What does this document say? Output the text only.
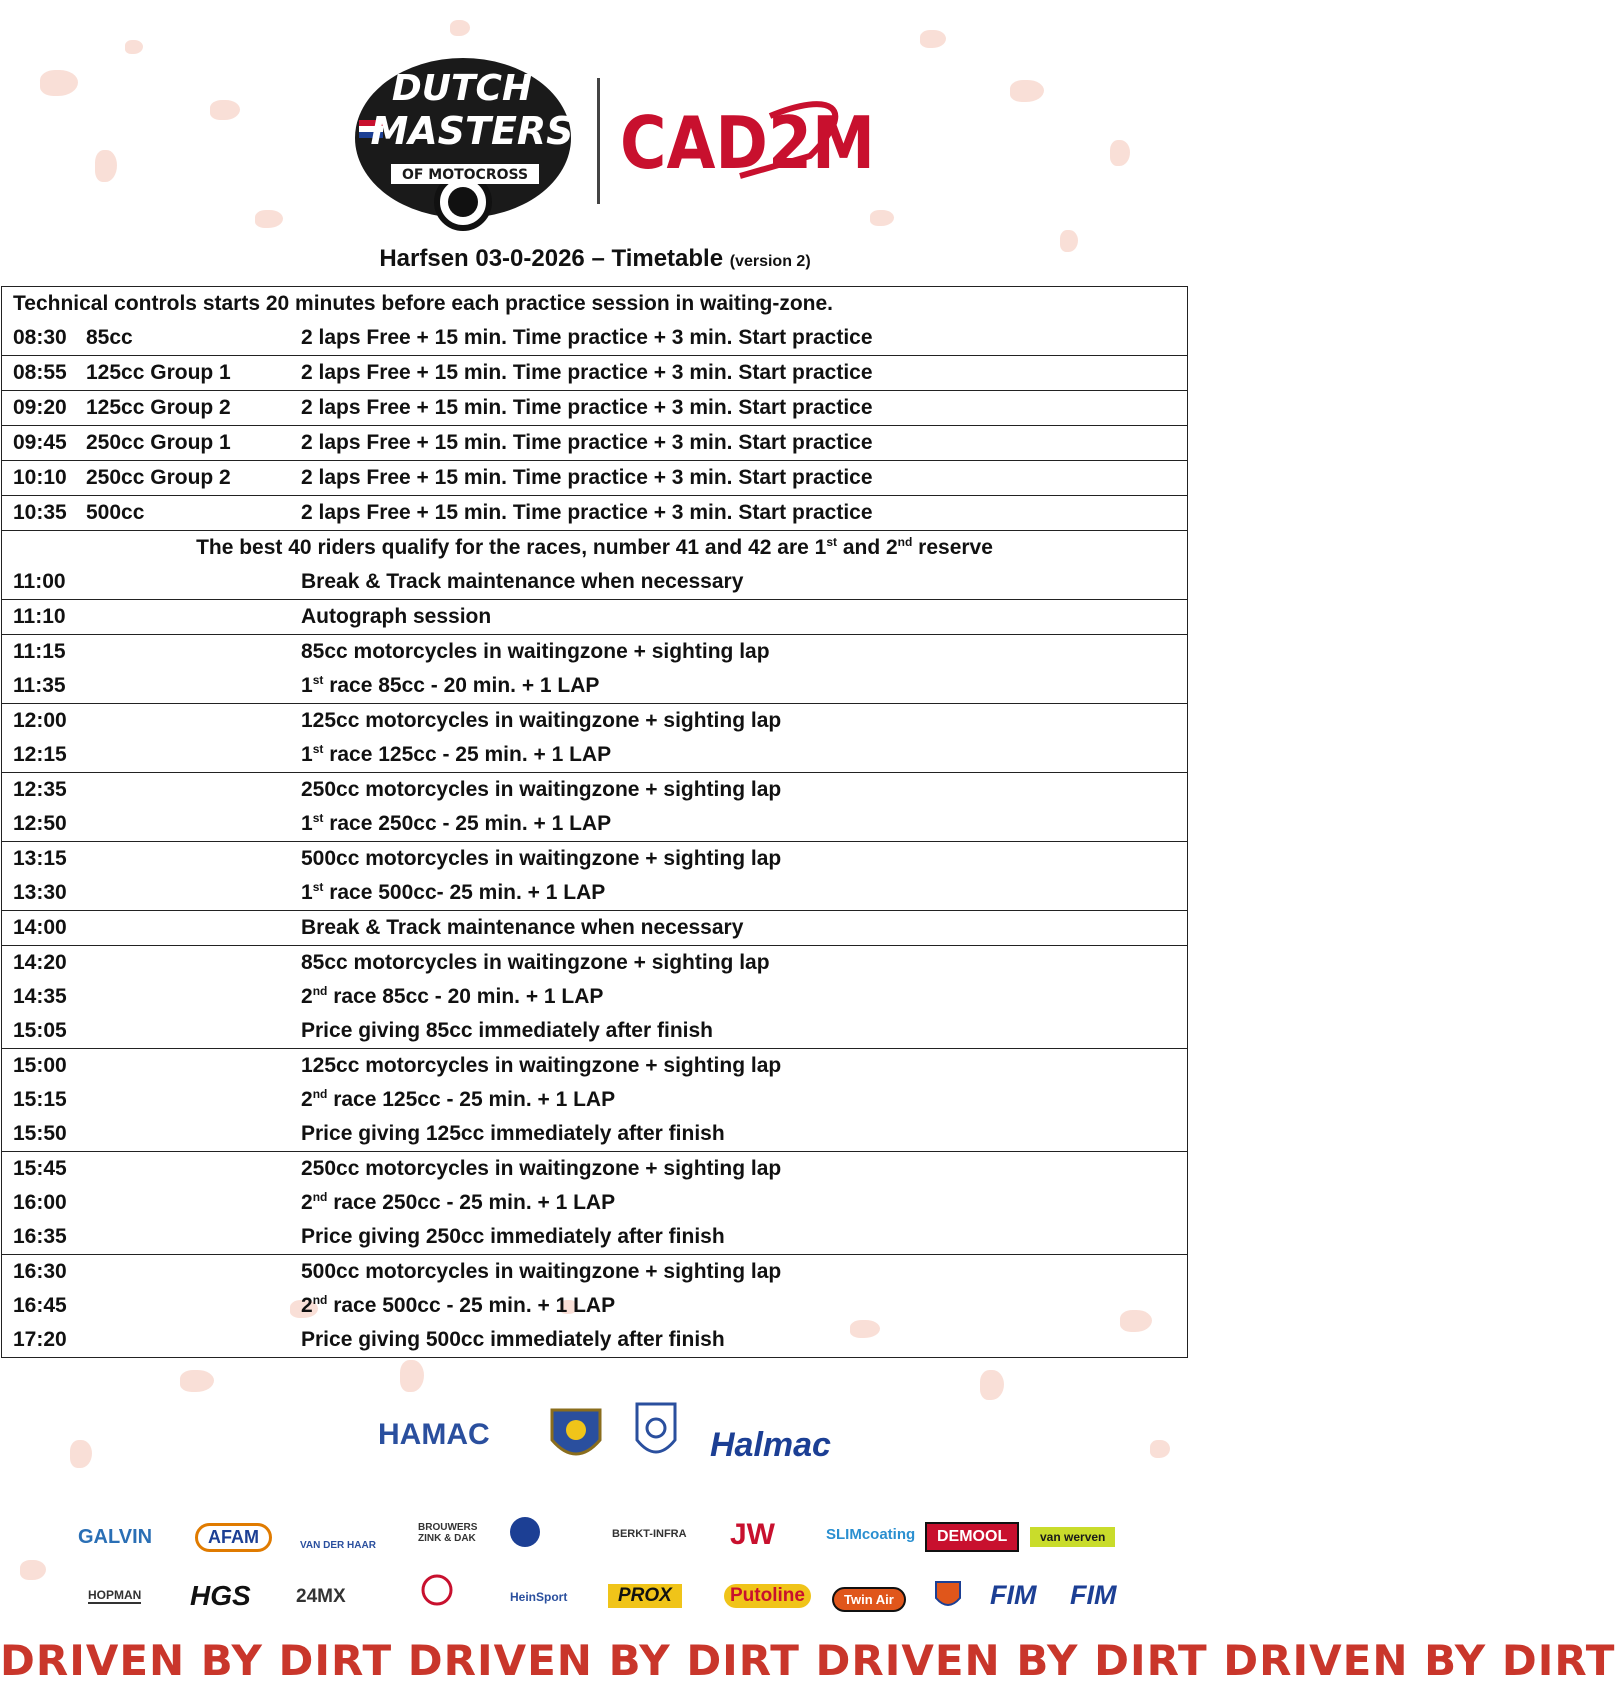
DUTCH
MASTERS
OF MOTOCROSS CAD2M
Harfsen 03-0-2026 – Timetable (version 2)
Technical controls starts 20 minutes before each practice session in waiting-zone.
08:30 85cc	2 laps Free + 15 min. Time practice + 3 min. Start practice
08:55 125cc Group 1	2 laps Free + 15 min. Time practice + 3 min. Start practice
09:20 125cc Group 2	2 laps Free + 15 min. Time practice + 3 min. Start practice
09:45 250cc Group 1	2 laps Free + 15 min. Time practice + 3 min. Start practice
10:10 250cc Group 2	2 laps Free + 15 min. Time practice + 3 min. Start practice
10:35 500cc	2 laps Free + 15 min. Time practice + 3 min. Start practice
The best 40 riders qualify for the races, number 41 and 42 are 1st and 2nd reserve
11:00	Break & Track maintenance when necessary
11:10	Autograph session
11:15	85cc motorcycles in waitingzone + sighting lap
11:35	1st race 85cc - 20 min. + 1 LAP
12:00	125cc motorcycles in waitingzone + sighting lap
12:15	1st race 125cc - 25 min. + 1 LAP
12:35	250cc motorcycles in waitingzone + sighting lap
12:50	1st race 250cc - 25 min. + 1 LAP
13:15	500cc motorcycles in waitingzone + sighting lap
13:30	1st race 500cc- 25 min. + 1 LAP
14:00	Break & Track maintenance when necessary
14:20	85cc motorcycles in waitingzone + sighting lap
14:35	2nd race 85cc - 20 min. + 1 LAP
15:05	Price giving 85cc immediately after finish
15:00	125cc motorcycles in waitingzone + sighting lap
15:15	2nd race 125cc - 25 min. + 1 LAP
15:50	Price giving 125cc immediately after finish
15:45	250cc motorcycles in waitingzone + sighting lap
16:00	2nd race 250cc - 25 min. + 1 LAP
16:35	Price giving 250cc immediately after finish
16:30	500cc motorcycles in waitingzone + sighting lap
16:45	2nd race 500cc - 25 min. + 1 LAP
17:20	Price giving 500cc immediately after finish
HAMAC	Halmac
GALVIN	AFAM	VAN DER HAAR
BROUWERS ZINK & DAK	BERKT-INFRA JW	SLIMcoating	DEMOOL	van werven
HOPMAN HGS 24MX	HeinSport	PROX	Putoline	Twin Air	FIM FIM
DRIVEN BY DIRT DRIVEN BY DIRT DRIVEN BY DIRT DRIVEN BY DIRT
